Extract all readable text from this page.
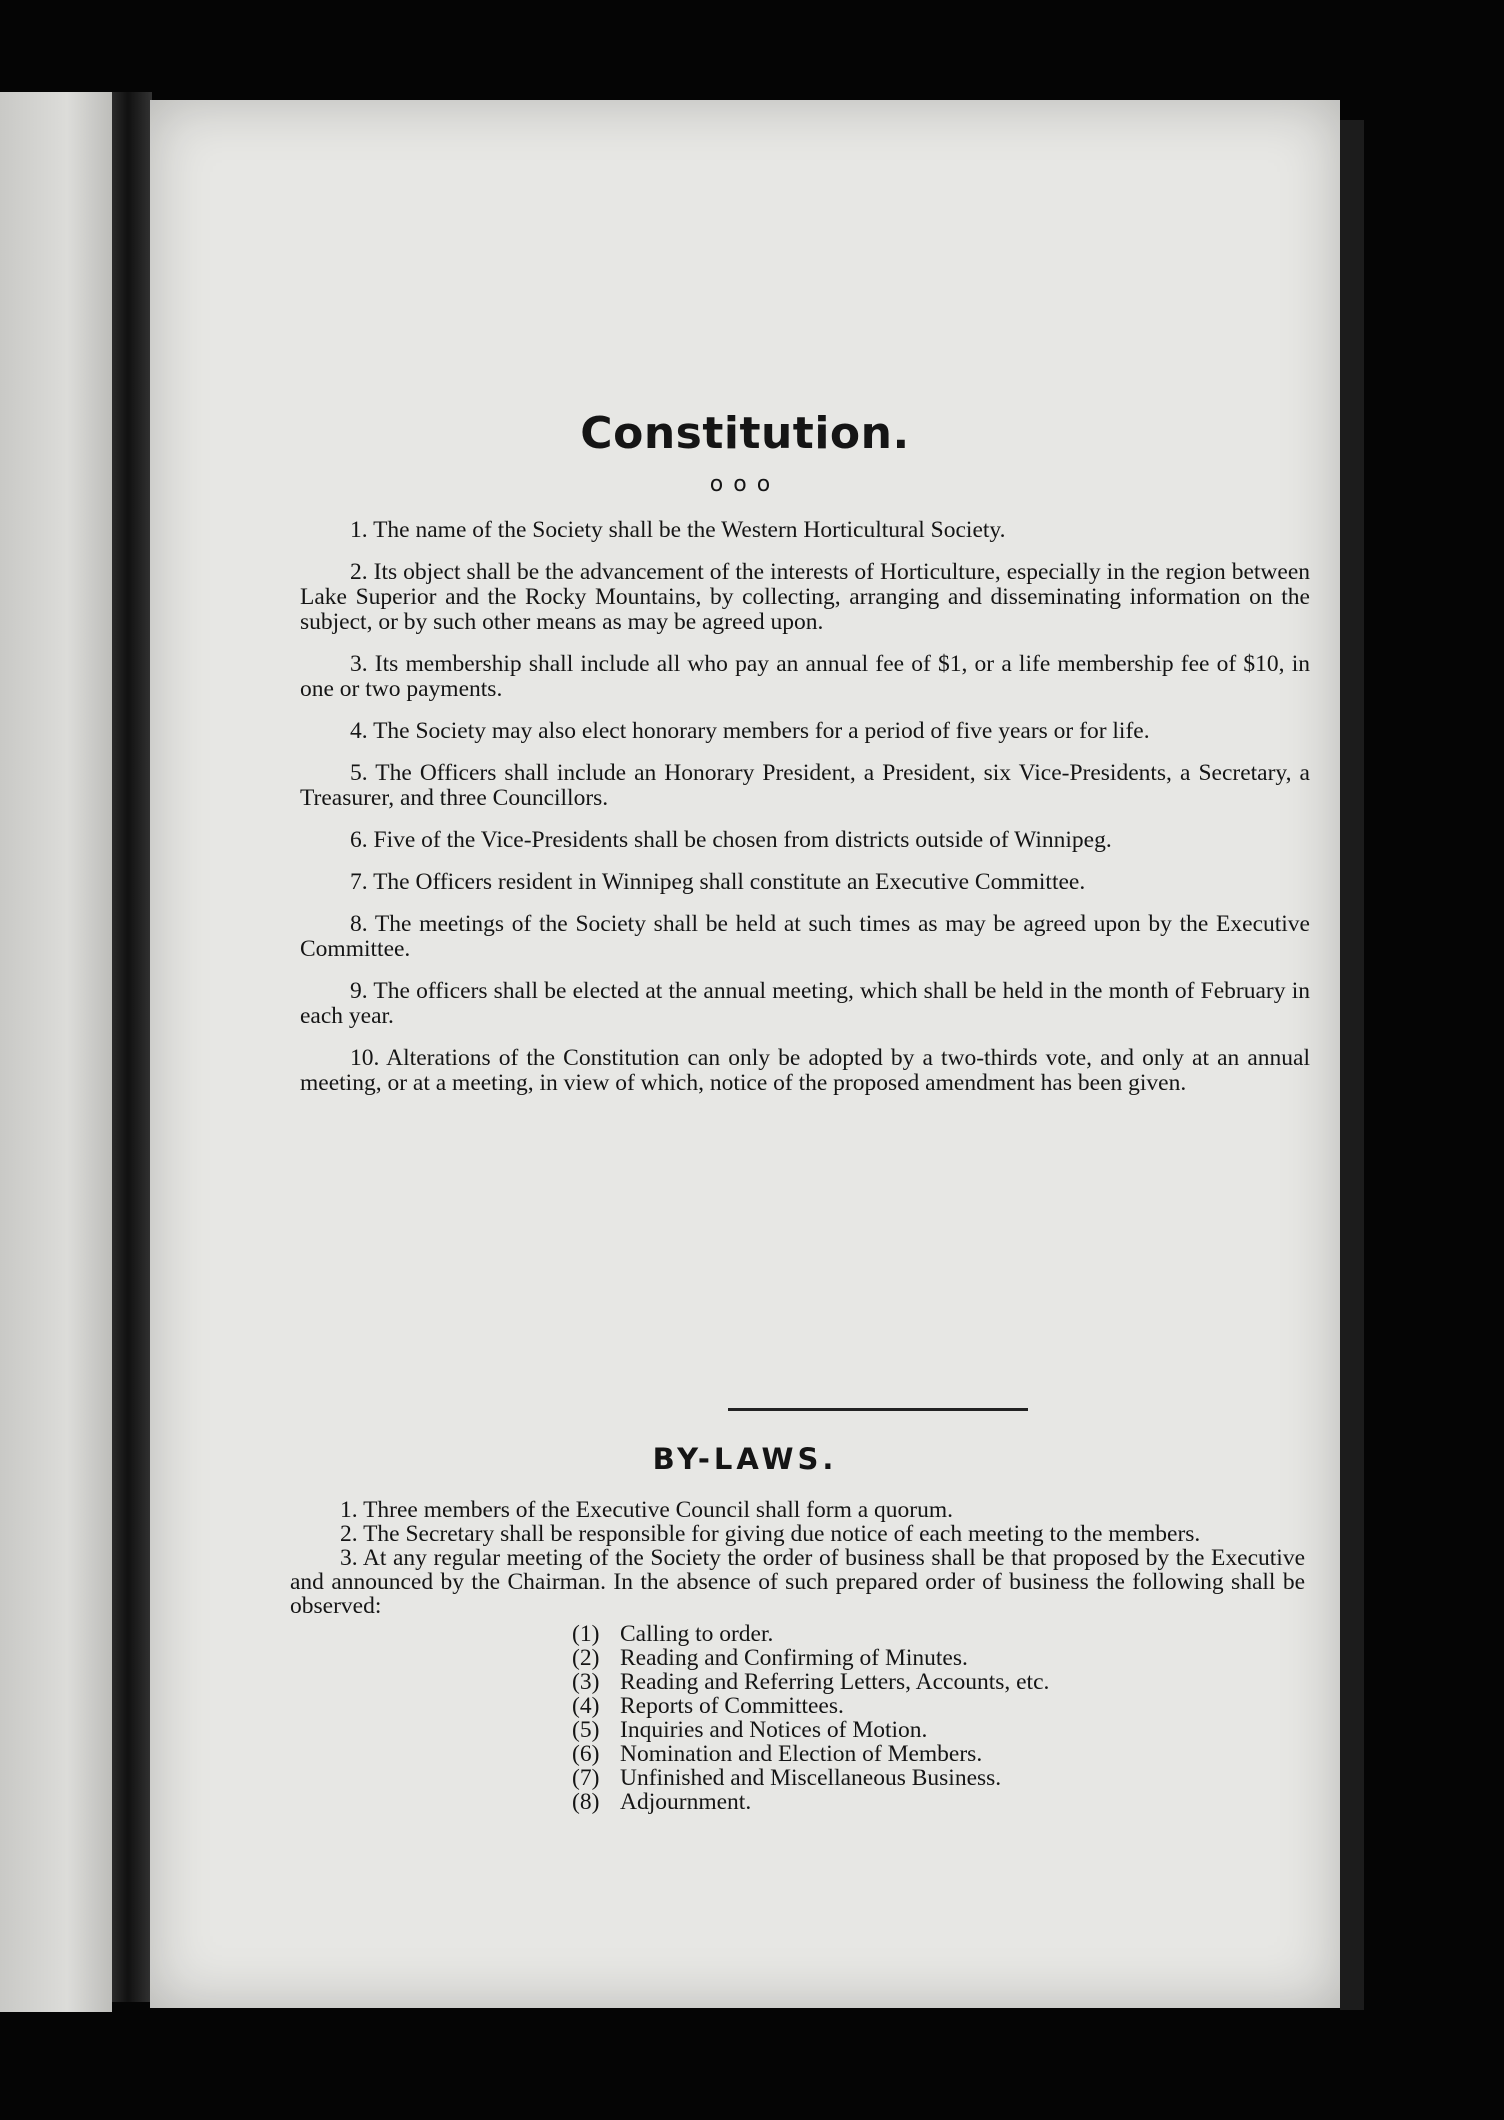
Constitution.
ooo

1. The name of the Society shall be the Western Horticultural Society.

2. Its object shall be the advancement of the interests of Horticulture, especially in the region between Lake Superior and the Rocky Mountains, by collecting, arranging and disseminating information on the subject, or by such other means as may be agreed upon.

3. Its membership shall include all who pay an annual fee of $1, or a life membership fee of $10, in one or two payments.

4. The Society may also elect honorary members for a period of five years or for life.

5. The Officers shall include an Honorary President, a President, six Vice-Presidents, a Secretary, a Treasurer, and three Councillors.

6. Five of the Vice-Presidents shall be chosen from districts outside of Winnipeg.

7. The Officers resident in Winnipeg shall constitute an Executive Committee.

8. The meetings of the Society shall be held at such times as may be agreed upon by the Executive Committee.

9. The officers shall be elected at the annual meeting, which shall be held in the month of February in each year.

10. Alterations of the Constitution can only be adopted by a two-thirds vote, and only at an annual meeting, or at a meeting, in view of which, notice of the proposed amendment has been given.

BY-LAWS.

1. Three members of the Executive Council shall form a quorum.

2. The Secretary shall be responsible for giving due notice of each meeting to the members.

3. At any regular meeting of the Society the order of business shall be that proposed by the Executive and announced by the Chairman. In the absence of such prepared order of business the following shall be observed:

(1) Calling to order.
(2) Reading and Confirming of Minutes.
(3) Reading and Referring Letters, Accounts, etc.
(4) Reports of Committees.
(5) Inquiries and Notices of Motion.
(6) Nomination and Election of Members.
(7) Unfinished and Miscellaneous Business.
(8) Adjournment.
